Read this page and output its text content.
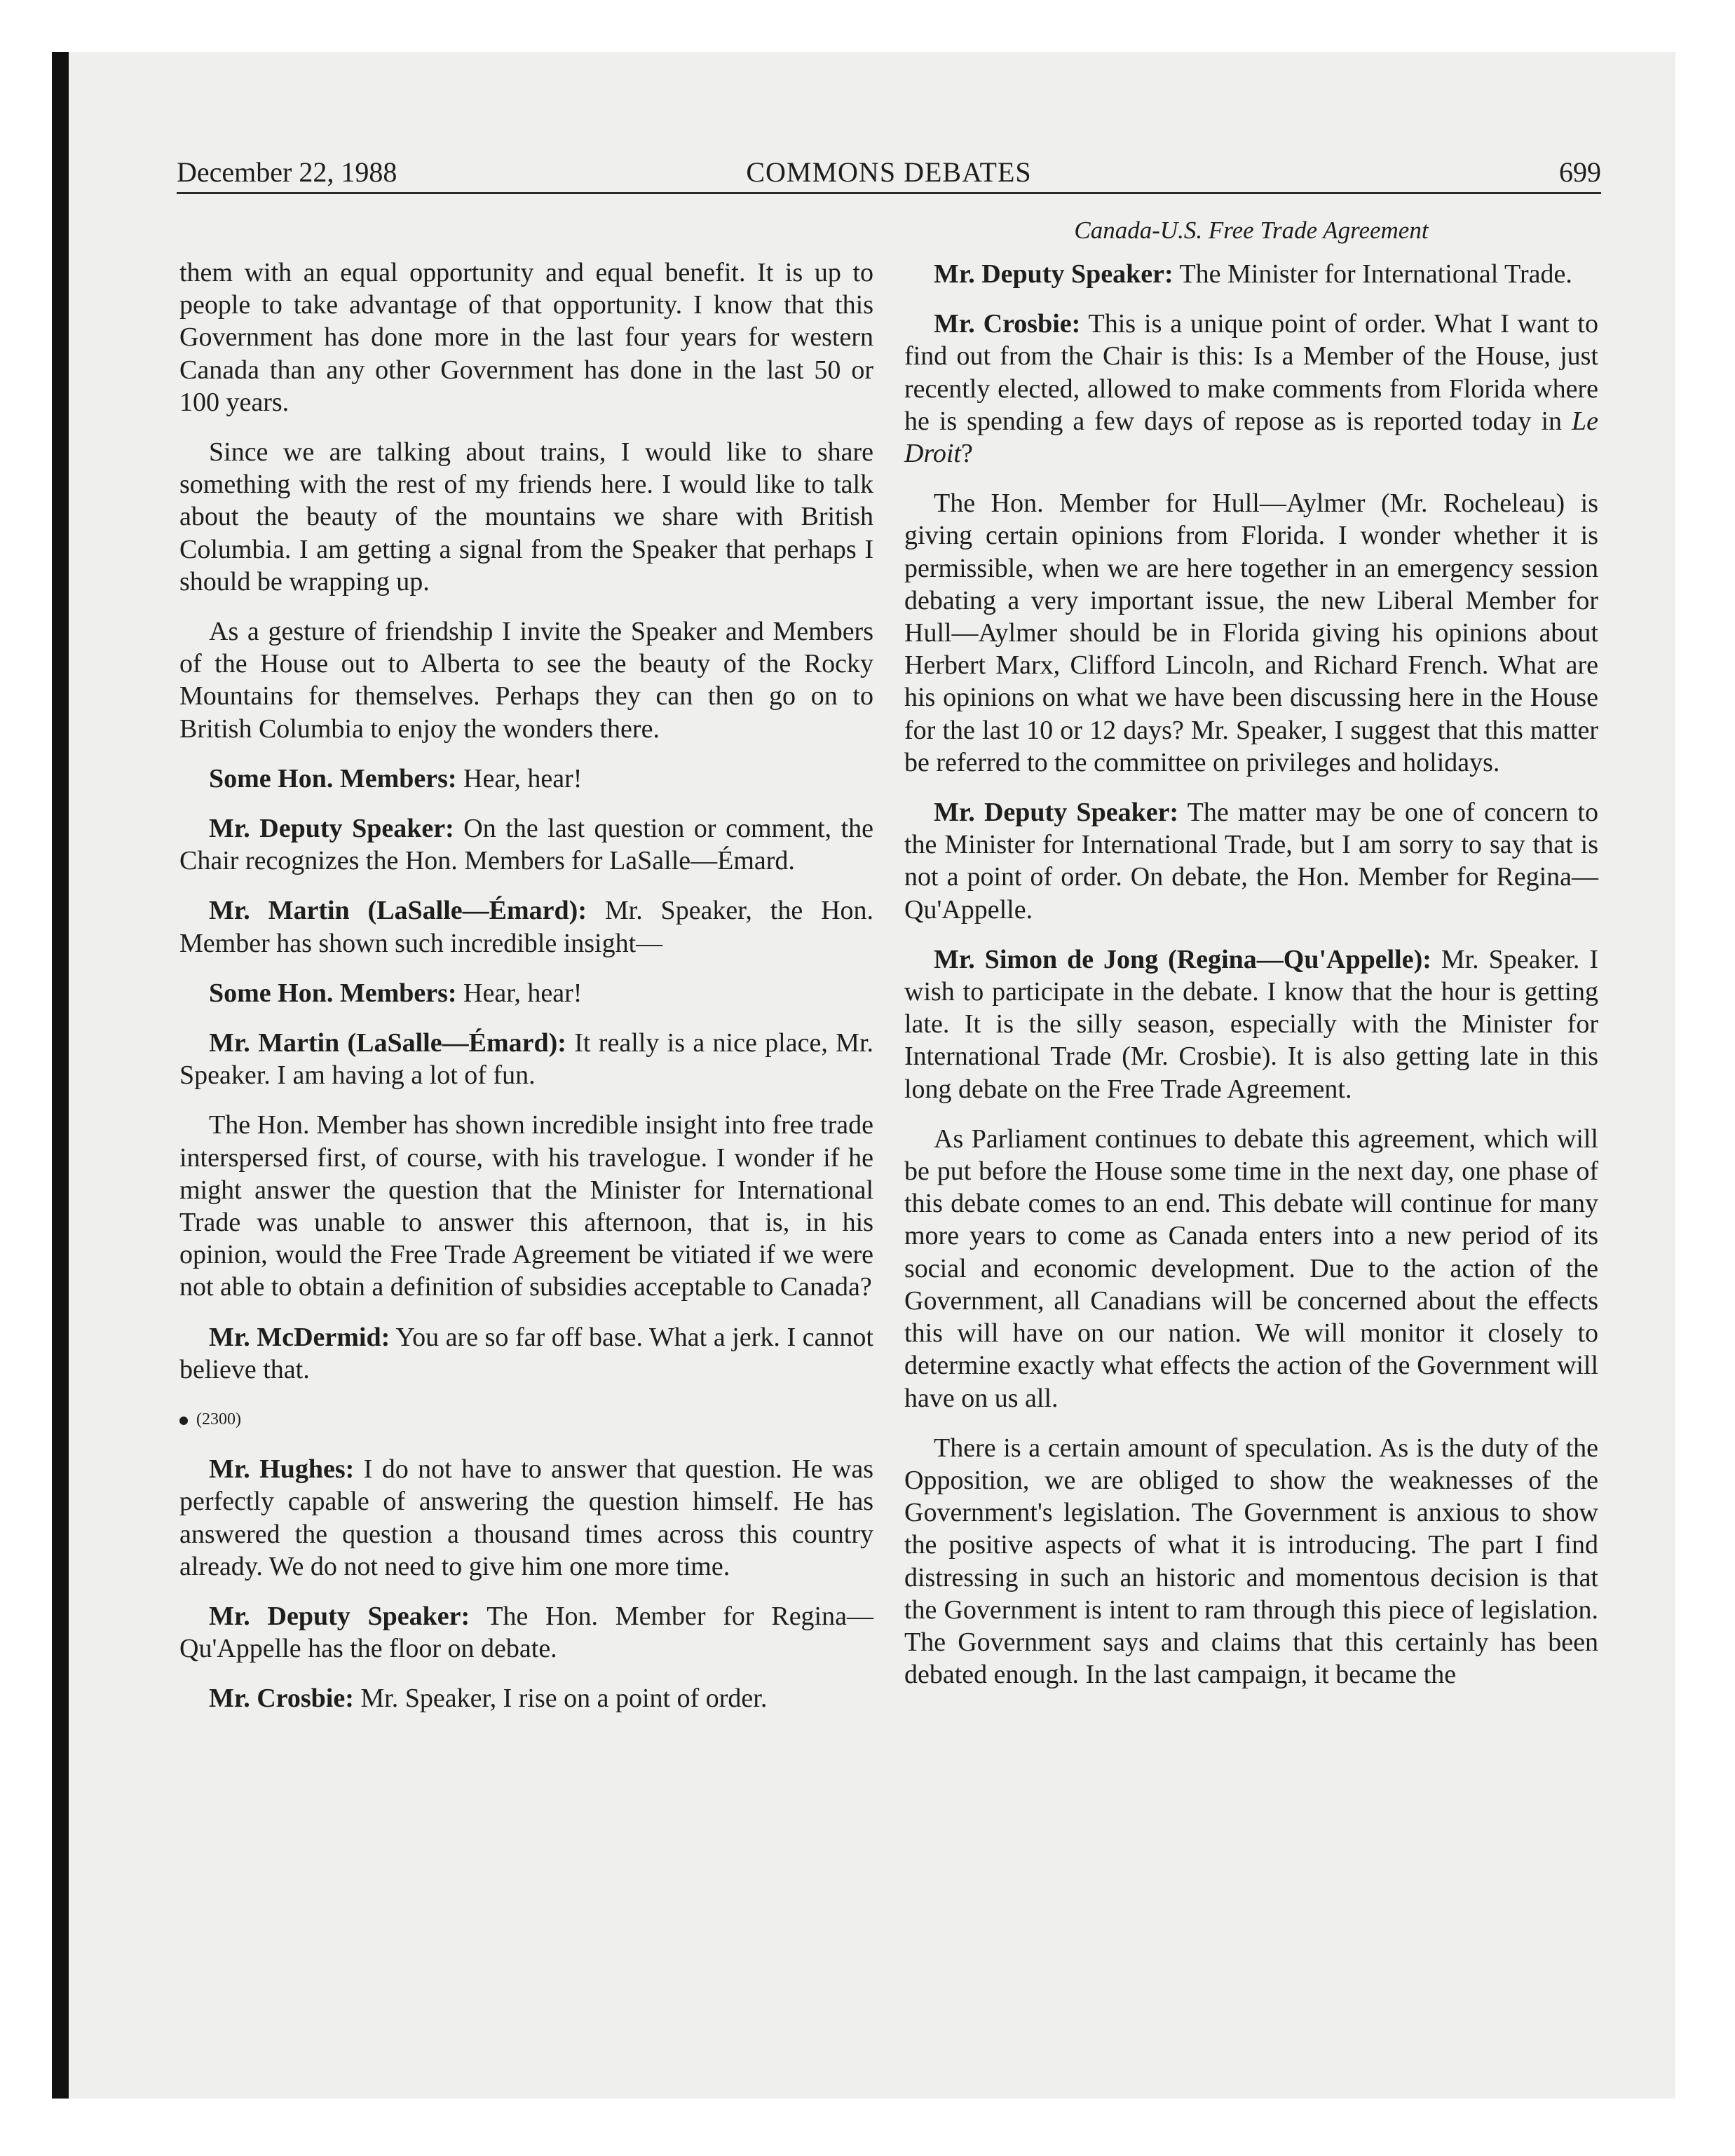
December 22, 1988	COMMONS DEBATES	699

them with an equal opportunity and equal benefit. It is up to people to take advantage of that opportunity. I know that this Government has done more in the last four years for western Canada than any other Government has done in the last 50 or 100 years.

Since we are talking about trains, I would like to share something with the rest of my friends here. I would like to talk about the beauty of the mountains we share with British Columbia. I am getting a signal from the Speaker that perhaps I should be wrapping up.

As a gesture of friendship I invite the Speaker and Members of the House out to Alberta to see the beauty of the Rocky Mountains for themselves. Perhaps they can then go on to British Columbia to enjoy the wonders there.

Some Hon. Members: Hear, hear!

Mr. Deputy Speaker: On the last question or comment, the Chair recognizes the Hon. Members for LaSalle—Émard.

Mr. Martin (LaSalle—Émard): Mr. Speaker, the Hon. Member has shown such incredible insight—

Some Hon. Members: Hear, hear!

Mr. Martin (LaSalle—Émard): It really is a nice place, Mr. Speaker. I am having a lot of fun.

The Hon. Member has shown incredible insight into free trade interspersed first, of course, with his travelogue. I wonder if he might answer the question that the Minister for International Trade was unable to answer this afternoon, that is, in his opinion, would the Free Trade Agreement be vitiated if we were not able to obtain a definition of subsidies acceptable to Canada?

Mr. McDermid: You are so far off base. What a jerk. I cannot believe that.

(2300)

Mr. Hughes: I do not have to answer that question. He was perfectly capable of answering the question himself. He has answered the question a thousand times across this country already. We do not need to give him one more time.

Mr. Deputy Speaker: The Hon. Member for Regina—Qu'Appelle has the floor on debate.

Mr. Crosbie: Mr. Speaker, I rise on a point of order.

Canada-U.S. Free Trade Agreement

Mr. Deputy Speaker: The Minister for International Trade.

Mr. Crosbie: This is a unique point of order. What I want to find out from the Chair is this: Is a Member of the House, just recently elected, allowed to make comments from Florida where he is spending a few days of repose as is reported today in Le Droit?

The Hon. Member for Hull—Aylmer (Mr. Rocheleau) is giving certain opinions from Florida. I wonder whether it is permissible, when we are here together in an emergency session debating a very important issue, the new Liberal Member for Hull—Aylmer should be in Florida giving his opinions about Herbert Marx, Clifford Lincoln, and Richard French. What are his opinions on what we have been discussing here in the House for the last 10 or 12 days? Mr. Speaker, I suggest that this matter be referred to the committee on privileges and holidays.

Mr. Deputy Speaker: The matter may be one of concern to the Minister for International Trade, but I am sorry to say that is not a point of order. On debate, the Hon. Member for Regina—Qu'Appelle.

Mr. Simon de Jong (Regina—Qu'Appelle): Mr. Speaker. I wish to participate in the debate. I know that the hour is getting late. It is the silly season, especially with the Minister for International Trade (Mr. Crosbie). It is also getting late in this long debate on the Free Trade Agreement.

As Parliament continues to debate this agreement, which will be put before the House some time in the next day, one phase of this debate comes to an end. This debate will continue for many more years to come as Canada enters into a new period of its social and economic development. Due to the action of the Government, all Canadians will be concerned about the effects this will have on our nation. We will monitor it closely to determine exactly what effects the action of the Government will have on us all.

There is a certain amount of speculation. As is the duty of the Opposition, we are obliged to show the weaknesses of the Government's legislation. The Government is anxious to show the positive aspects of what it is introducing. The part I find distressing in such an historic and momentous decision is that the Government is intent to ram through this piece of legislation. The Government says and claims that this certainly has been debated enough. In the last campaign, it became the
